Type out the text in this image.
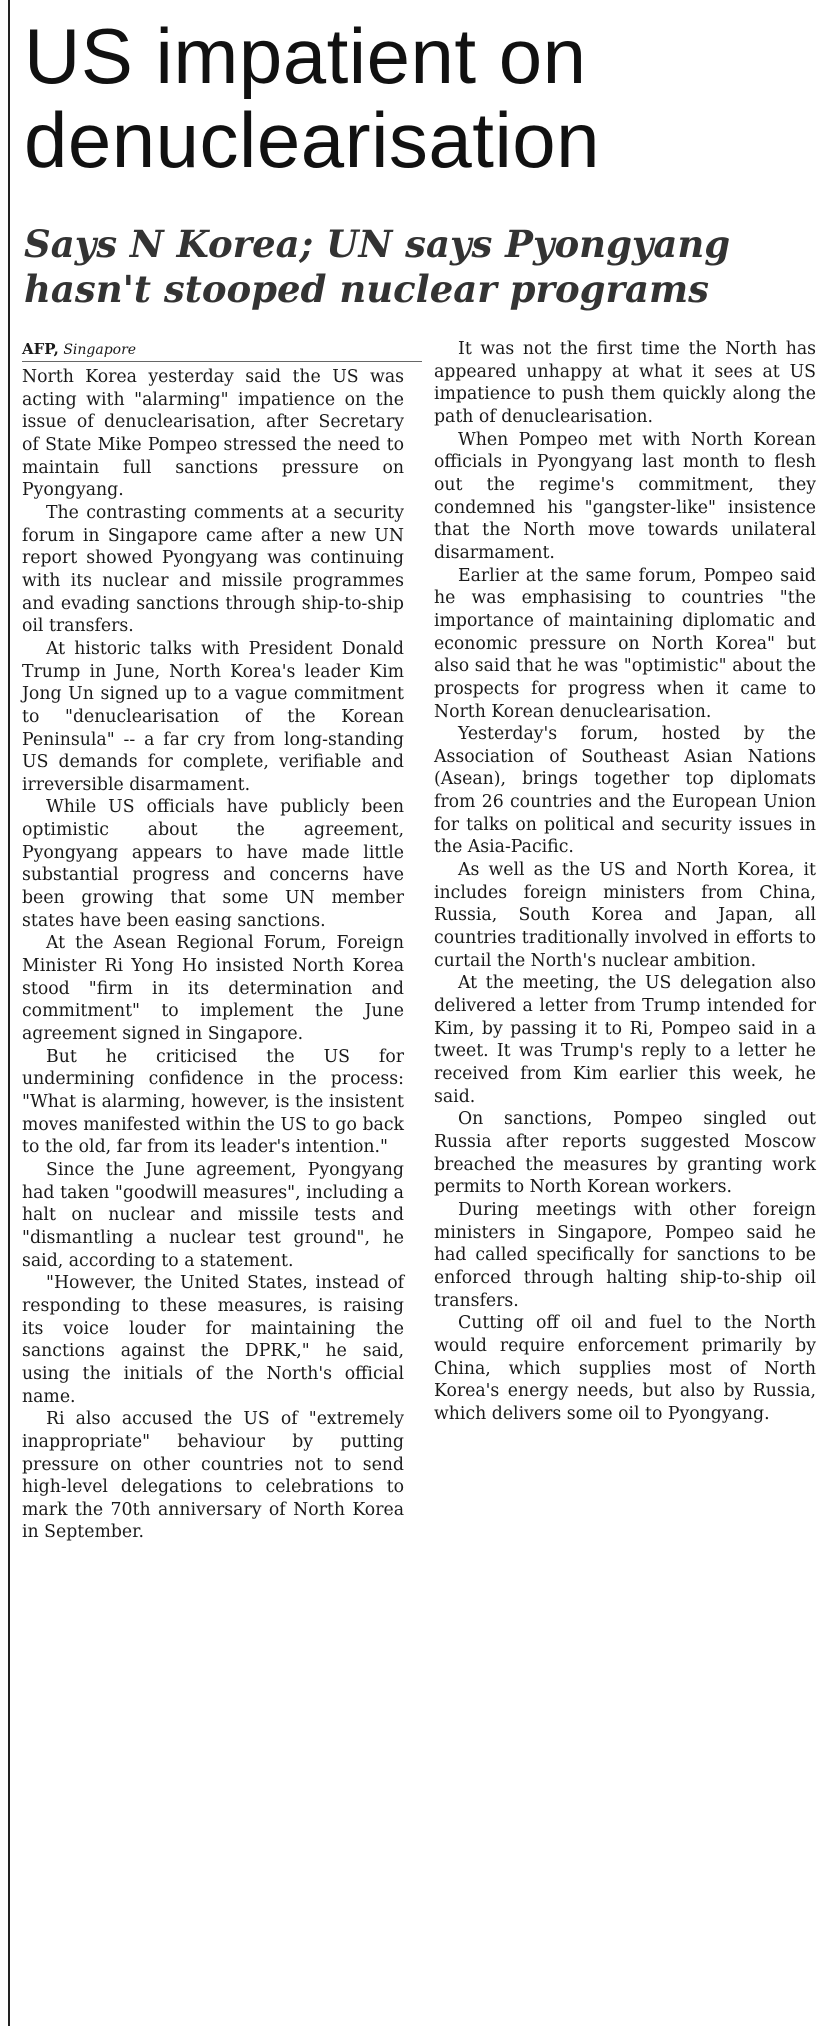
US impatient on denuclearisation
Says N Korea; UN says Pyongyang hasn't stooped nuclear programs
AFP, Singapore

North Korea yesterday said the US was acting with "alarming" impatience on the issue of denuclearisation, after Secretary of State Mike Pompeo stressed the need to maintain full sanctions pressure on Pyongyang.

The contrasting comments at a security forum in Singapore came after a new UN report showed Pyongyang was continuing with its nuclear and missile programmes and evading sanctions through ship-to-ship oil transfers.

At historic talks with President Donald Trump in June, North Korea's leader Kim Jong Un signed up to a vague commitment to "denuclearisation of the Korean Peninsula" -- a far cry from long-standing US demands for complete, verifiable and irreversible disarmament.

While US officials have publicly been optimistic about the agreement, Pyongyang appears to have made little substantial progress and concerns have been growing that some UN member states have been easing sanctions.

At the Asean Regional Forum, Foreign Minister Ri Yong Ho insisted North Korea stood "firm in its determination and commitment" to implement the June agreement signed in Singapore.

But he criticised the US for undermining confidence in the process: "What is alarming, however, is the insistent moves manifested within the US to go back to the old, far from its leader's intention."

Since the June agreement, Pyongyang had taken "goodwill measures", including a halt on nuclear and missile tests and "dismantling a nuclear test ground", he said, according to a statement.

"However, the United States, instead of responding to these measures, is raising its voice louder for maintaining the sanctions against the DPRK," he said, using the initials of the North's official name.

Ri also accused the US of "extremely inappropriate" behaviour by putting pressure on other countries not to send high-level delegations to celebrations to mark the 70th anniversary of North Korea in September.

It was not the first time the North has appeared unhappy at what it sees at US impatience to push them quickly along the path of denuclearisation.

When Pompeo met with North Korean officials in Pyongyang last month to flesh out the regime's commitment, they condemned his "gangster-like" insistence that the North move towards unilateral disarmament.

Earlier at the same forum, Pompeo said he was emphasising to countries "the importance of maintaining diplomatic and economic pressure on North Korea" but also said that he was "optimistic" about the prospects for progress when it came to North Korean denuclearisation.

Yesterday's forum, hosted by the Association of Southeast Asian Nations (Asean), brings together top diplomats from 26 countries and the European Union for talks on political and security issues in the Asia-Pacific.

As well as the US and North Korea, it includes foreign ministers from China, Russia, South Korea and Japan, all countries traditionally involved in efforts to curtail the North's nuclear ambition.

At the meeting, the US delegation also delivered a letter from Trump intended for Kim, by passing it to Ri, Pompeo said in a tweet. It was Trump's reply to a letter he received from Kim earlier this week, he said.

On sanctions, Pompeo singled out Russia after reports suggested Moscow breached the measures by granting work permits to North Korean workers.

During meetings with other foreign ministers in Singapore, Pompeo said he had called specifically for sanctions to be enforced through halting ship-to-ship oil transfers.

Cutting off oil and fuel to the North would require enforcement primarily by China, which supplies most of North Korea's energy needs, but also by Russia, which delivers some oil to Pyongyang.
